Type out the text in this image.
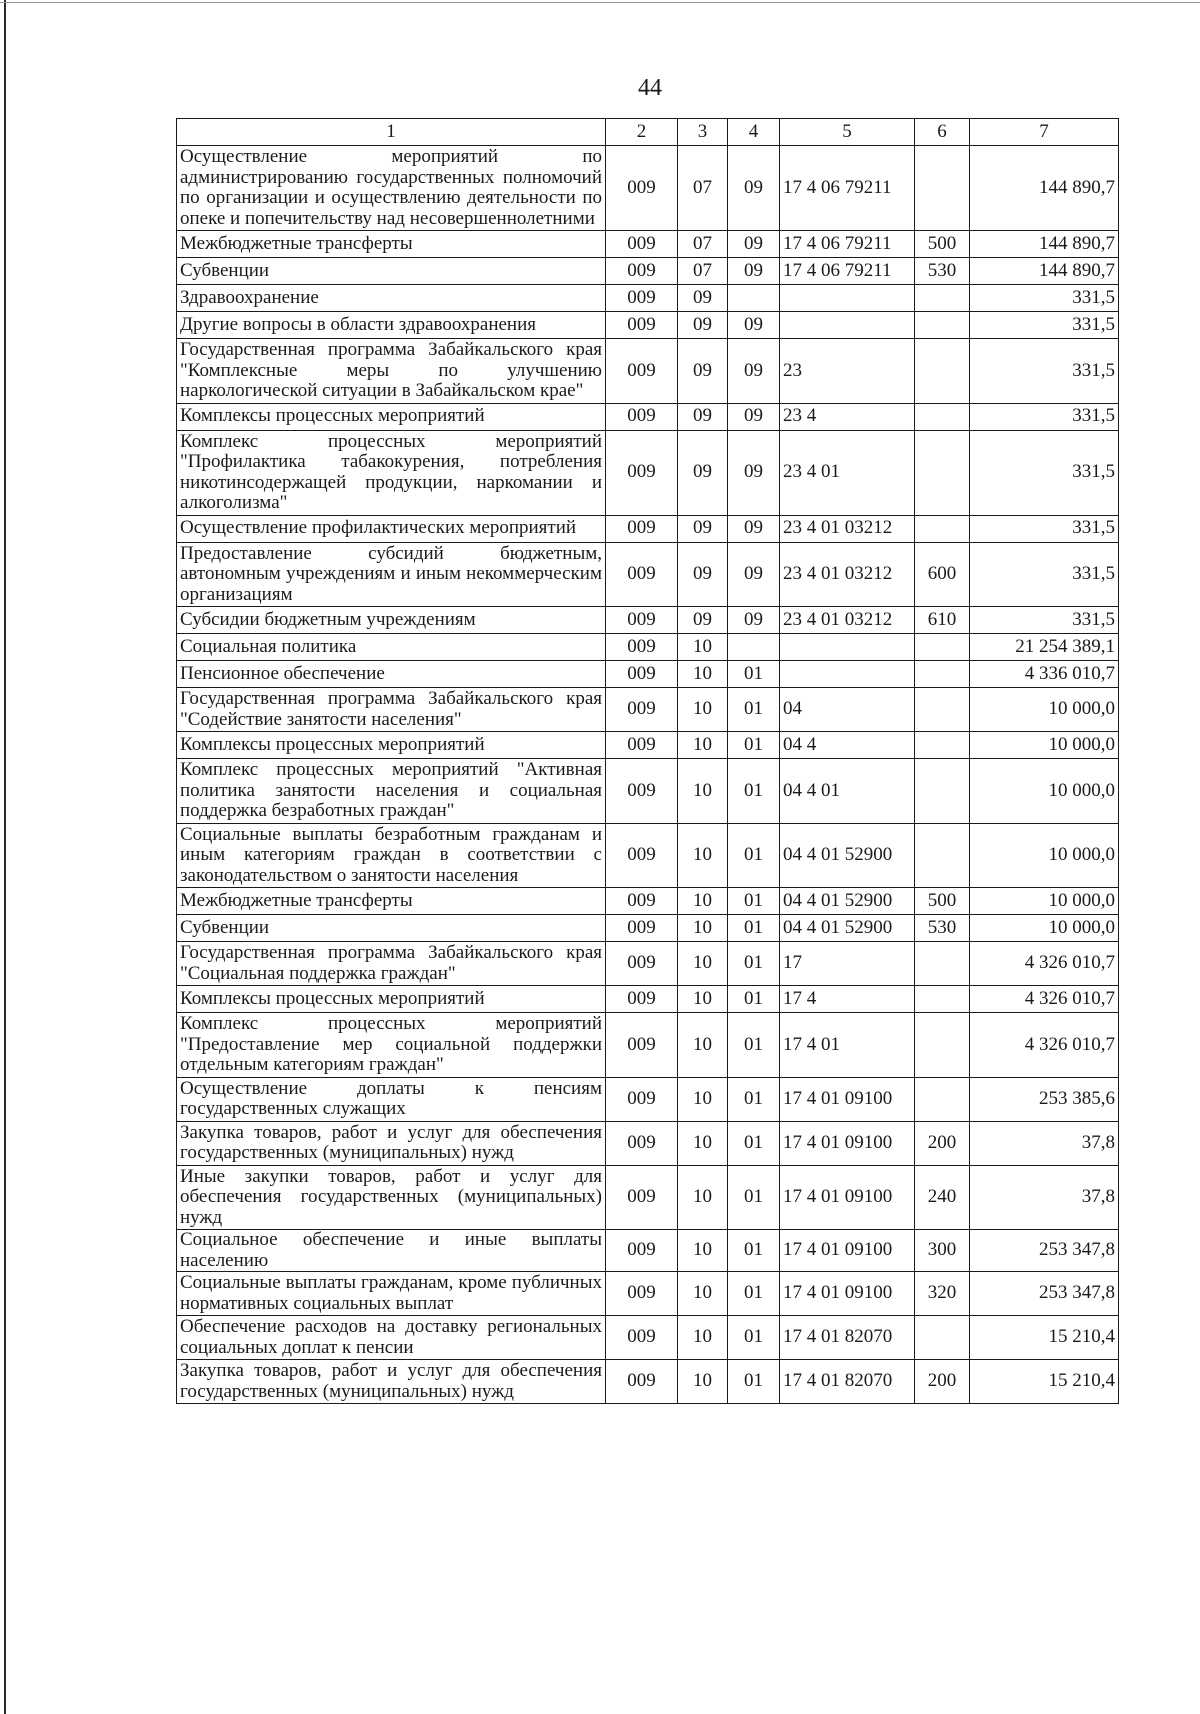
44
1	2	3	4	5	6	7
Осуществление мероприятий по администрированию государственных полномочий по организации и осуществлению деятельности по опеке и попечительству над несовершеннолетними	009	07	09	17 4 06 79211		144 890,7
Межбюджетные трансферты	009	07	09	17 4 06 79211	500	144 890,7
Субвенции	009	07	09	17 4 06 79211	530	144 890,7
Здравоохранение	009	09				331,5
Другие вопросы в области здравоохранения	009	09	09			331,5
Государственная программа Забайкальского края "Комплексные меры по улучшению наркологической ситуации в Забайкальском крае"	009	09	09	23		331,5
Комплексы процессных мероприятий	009	09	09	23 4		331,5
Комплекс процессных мероприятий "Профилактика табакокурения, потребления никотинсодержащей продукции, наркомании и алкоголизма"	009	09	09	23 4 01		331,5
Осуществление профилактических мероприятий	009	09	09	23 4 01 03212		331,5
Предоставление субсидий бюджетным, автономным учреждениям и иным некоммерческим организациям	009	09	09	23 4 01 03212	600	331,5
Субсидии бюджетным учреждениям	009	09	09	23 4 01 03212	610	331,5
Социальная политика	009	10				21 254 389,1
Пенсионное обеспечение	009	10	01			4 336 010,7
Государственная программа Забайкальского края "Содействие занятости населения"	009	10	01	04		10 000,0
Комплексы процессных мероприятий	009	10	01	04 4		10 000,0
Комплекс процессных мероприятий "Активная политика занятости населения и социальная поддержка безработных граждан"	009	10	01	04 4 01		10 000,0
Социальные выплаты безработным гражданам и иным категориям граждан в соответствии с законодательством о занятости населения	009	10	01	04 4 01 52900		10 000,0
Межбюджетные трансферты	009	10	01	04 4 01 52900	500	10 000,0
Субвенции	009	10	01	04 4 01 52900	530	10 000,0
Государственная программа Забайкальского края "Социальная поддержка граждан"	009	10	01	17		4 326 010,7
Комплексы процессных мероприятий	009	10	01	17 4		4 326 010,7
Комплекс процессных мероприятий "Предоставление мер социальной поддержки отдельным категориям граждан"	009	10	01	17 4 01		4 326 010,7
Осуществление доплаты к пенсиям государственных служащих	009	10	01	17 4 01 09100		253 385,6
Закупка товаров, работ и услуг для обеспечения государственных (муниципальных) нужд	009	10	01	17 4 01 09100	200	37,8
Иные закупки товаров, работ и услуг для обеспечения государственных (муниципальных) нужд	009	10	01	17 4 01 09100	240	37,8
Социальное обеспечение и иные выплаты населению	009	10	01	17 4 01 09100	300	253 347,8
Социальные выплаты гражданам, кроме публичных нормативных социальных выплат	009	10	01	17 4 01 09100	320	253 347,8
Обеспечение расходов на доставку региональных социальных доплат к пенсии	009	10	01	17 4 01 82070		15 210,4
Закупка товаров, работ и услуг для обеспечения государственных (муниципальных) нужд	009	10	01	17 4 01 82070	200	15 210,4
